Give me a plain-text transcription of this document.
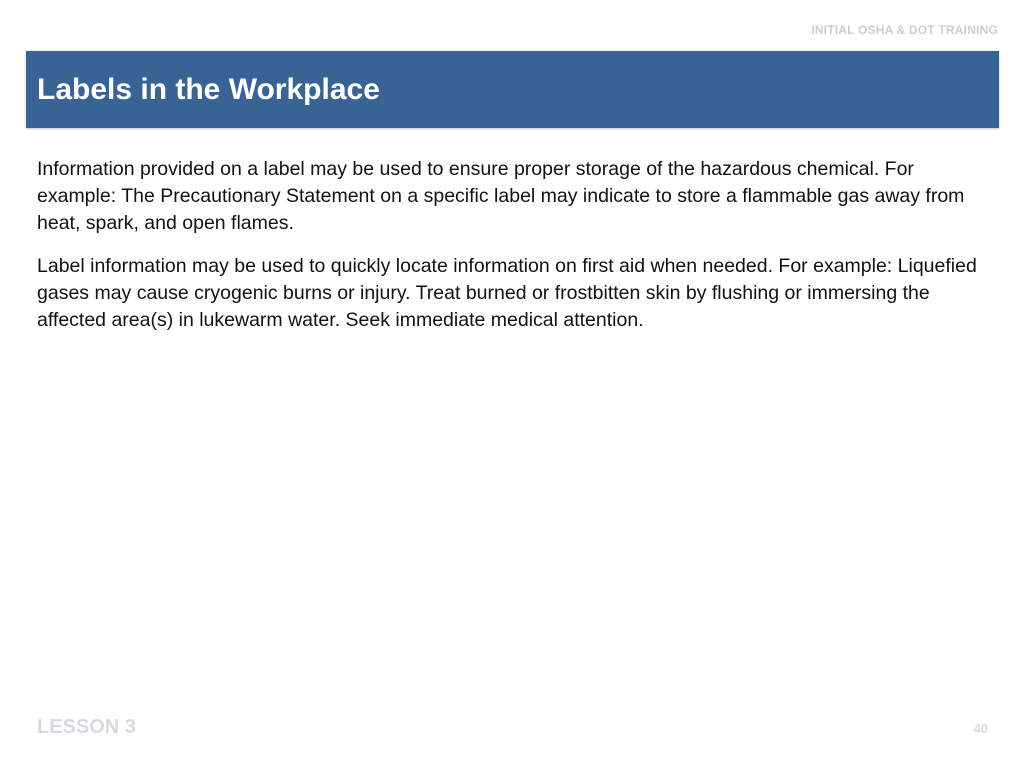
INITIAL OSHA & DOT TRAINING
Labels in the Workplace

Information provided on a label may be used to ensure proper storage of the hazardous chemical. For example: The Precautionary Statement on a specific label may indicate to store a flammable gas away from heat, spark, and open flames.

Label information may be used to quickly locate information on first aid when needed. For example: Liquefied gases may cause cryogenic burns or injury. Treat burned or frostbitten skin by flushing or immersing the affected area(s) in lukewarm water. Seek immediate medical attention.

LESSON 3	40
